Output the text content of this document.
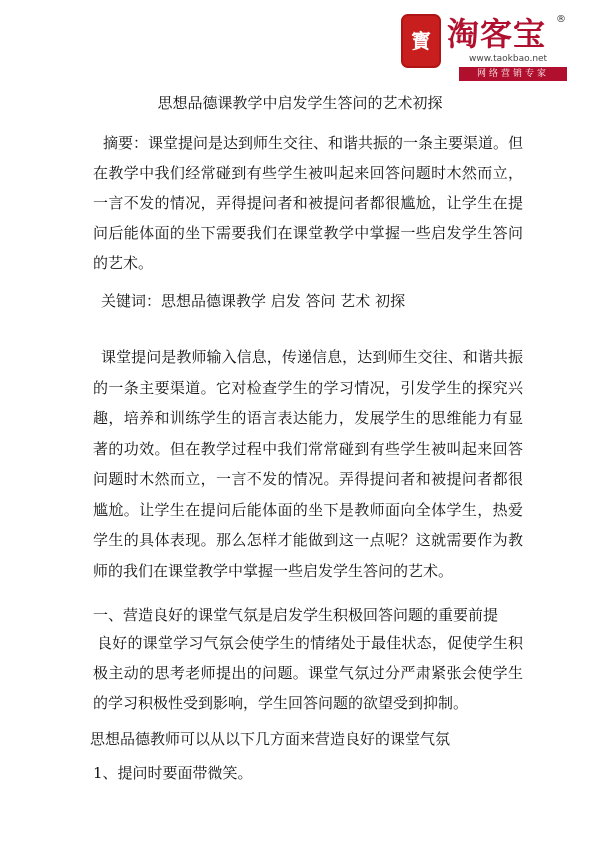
寳 淘客宝 ®
www.taokbao.net
网络营销专家
思想品德课教学中启发学生答问的艺术初探

摘要：课堂提问是达到师生交往、和谐共振的一条主要渠道。但在教学中我们经常碰到有些学生被叫起来回答问题时木然而立，一言不发的情况，弄得提问者和被提问者都很尴尬，让学生在提问后能体面的坐下需要我们在课堂教学中掌握一些启发学生答问的艺术。

关键词：思想品德课教学 启发 答问 艺术 初探

课堂提问是教师输入信息，传递信息，达到师生交往、和谐共振的一条主要渠道。它对检查学生的学习情况，引发学生的探究兴趣，培养和训练学生的语言表达能力，发展学生的思维能力有显著的功效。但在教学过程中我们常常碰到有些学生被叫起来回答问题时木然而立，一言不发的情况。弄得提问者和被提问者都很尴尬。让学生在提问后能体面的坐下是教师面向全体学生，热爱学生的具体表现。那么怎样才能做到这一点呢？这就需要作为教师的我们在课堂教学中掌握一些启发学生答问的艺术。

一、营造良好的课堂气氛是启发学生积极回答问题的重要前提

良好的课堂学习气氛会使学生的情绪处于最佳状态，促使学生积极主动的思考老师提出的问题。课堂气氛过分严肃紧张会使学生的学习积极性受到影响，学生回答问题的欲望受到抑制。

思想品德教师可以从以下几方面来营造良好的课堂气氛

1、提问时要面带微笑。
